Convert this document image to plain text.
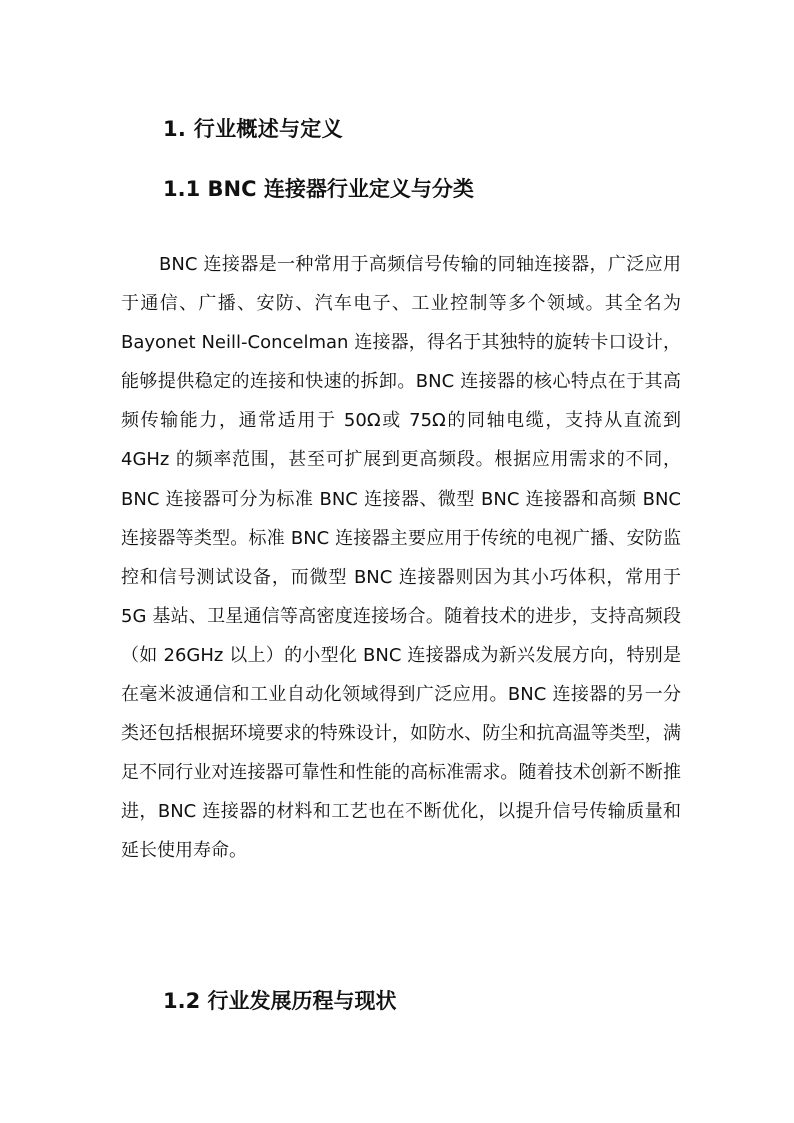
1. 行业概述与定义
1.1 BNC 连接器行业定义与分类

BNC 连接器是一种常用于高频信号传输的同轴连接器，广泛应用于通信、广播、安防、汽车电子、工业控制等多个领域。其全名为 Bayonet Neill-Concelman 连接器，得名于其独特的旋转卡口设计，能够提供稳定的连接和快速的拆卸。BNC 连接器的核心特点在于其高频传输能力，通常适用于 50Ω或 75Ω的同轴电缆，支持从直流到 4GHz 的频率范围，甚至可扩展到更高频段。根据应用需求的不同，BNC 连接器可分为标准 BNC 连接器、微型 BNC 连接器和高频 BNC 连接器等类型。标准 BNC 连接器主要应用于传统的电视广播、安防监控和信号测试设备，而微型 BNC 连接器则因为其小巧体积，常用于 5G 基站、卫星通信等高密度连接场合。随着技术的进步，支持高频段（如 26GHz 以上）的小型化 BNC 连接器成为新兴发展方向，特别是在毫米波通信和工业自动化领域得到广泛应用。BNC 连接器的另一分类还包括根据环境要求的特殊设计，如防水、防尘和抗高温等类型，满足不同行业对连接器可靠性和性能的高标准需求。随着技术创新不断推进，BNC 连接器的材料和工艺也在不断优化，以提升信号传输质量和延长使用寿命。

1.2 行业发展历程与现状
